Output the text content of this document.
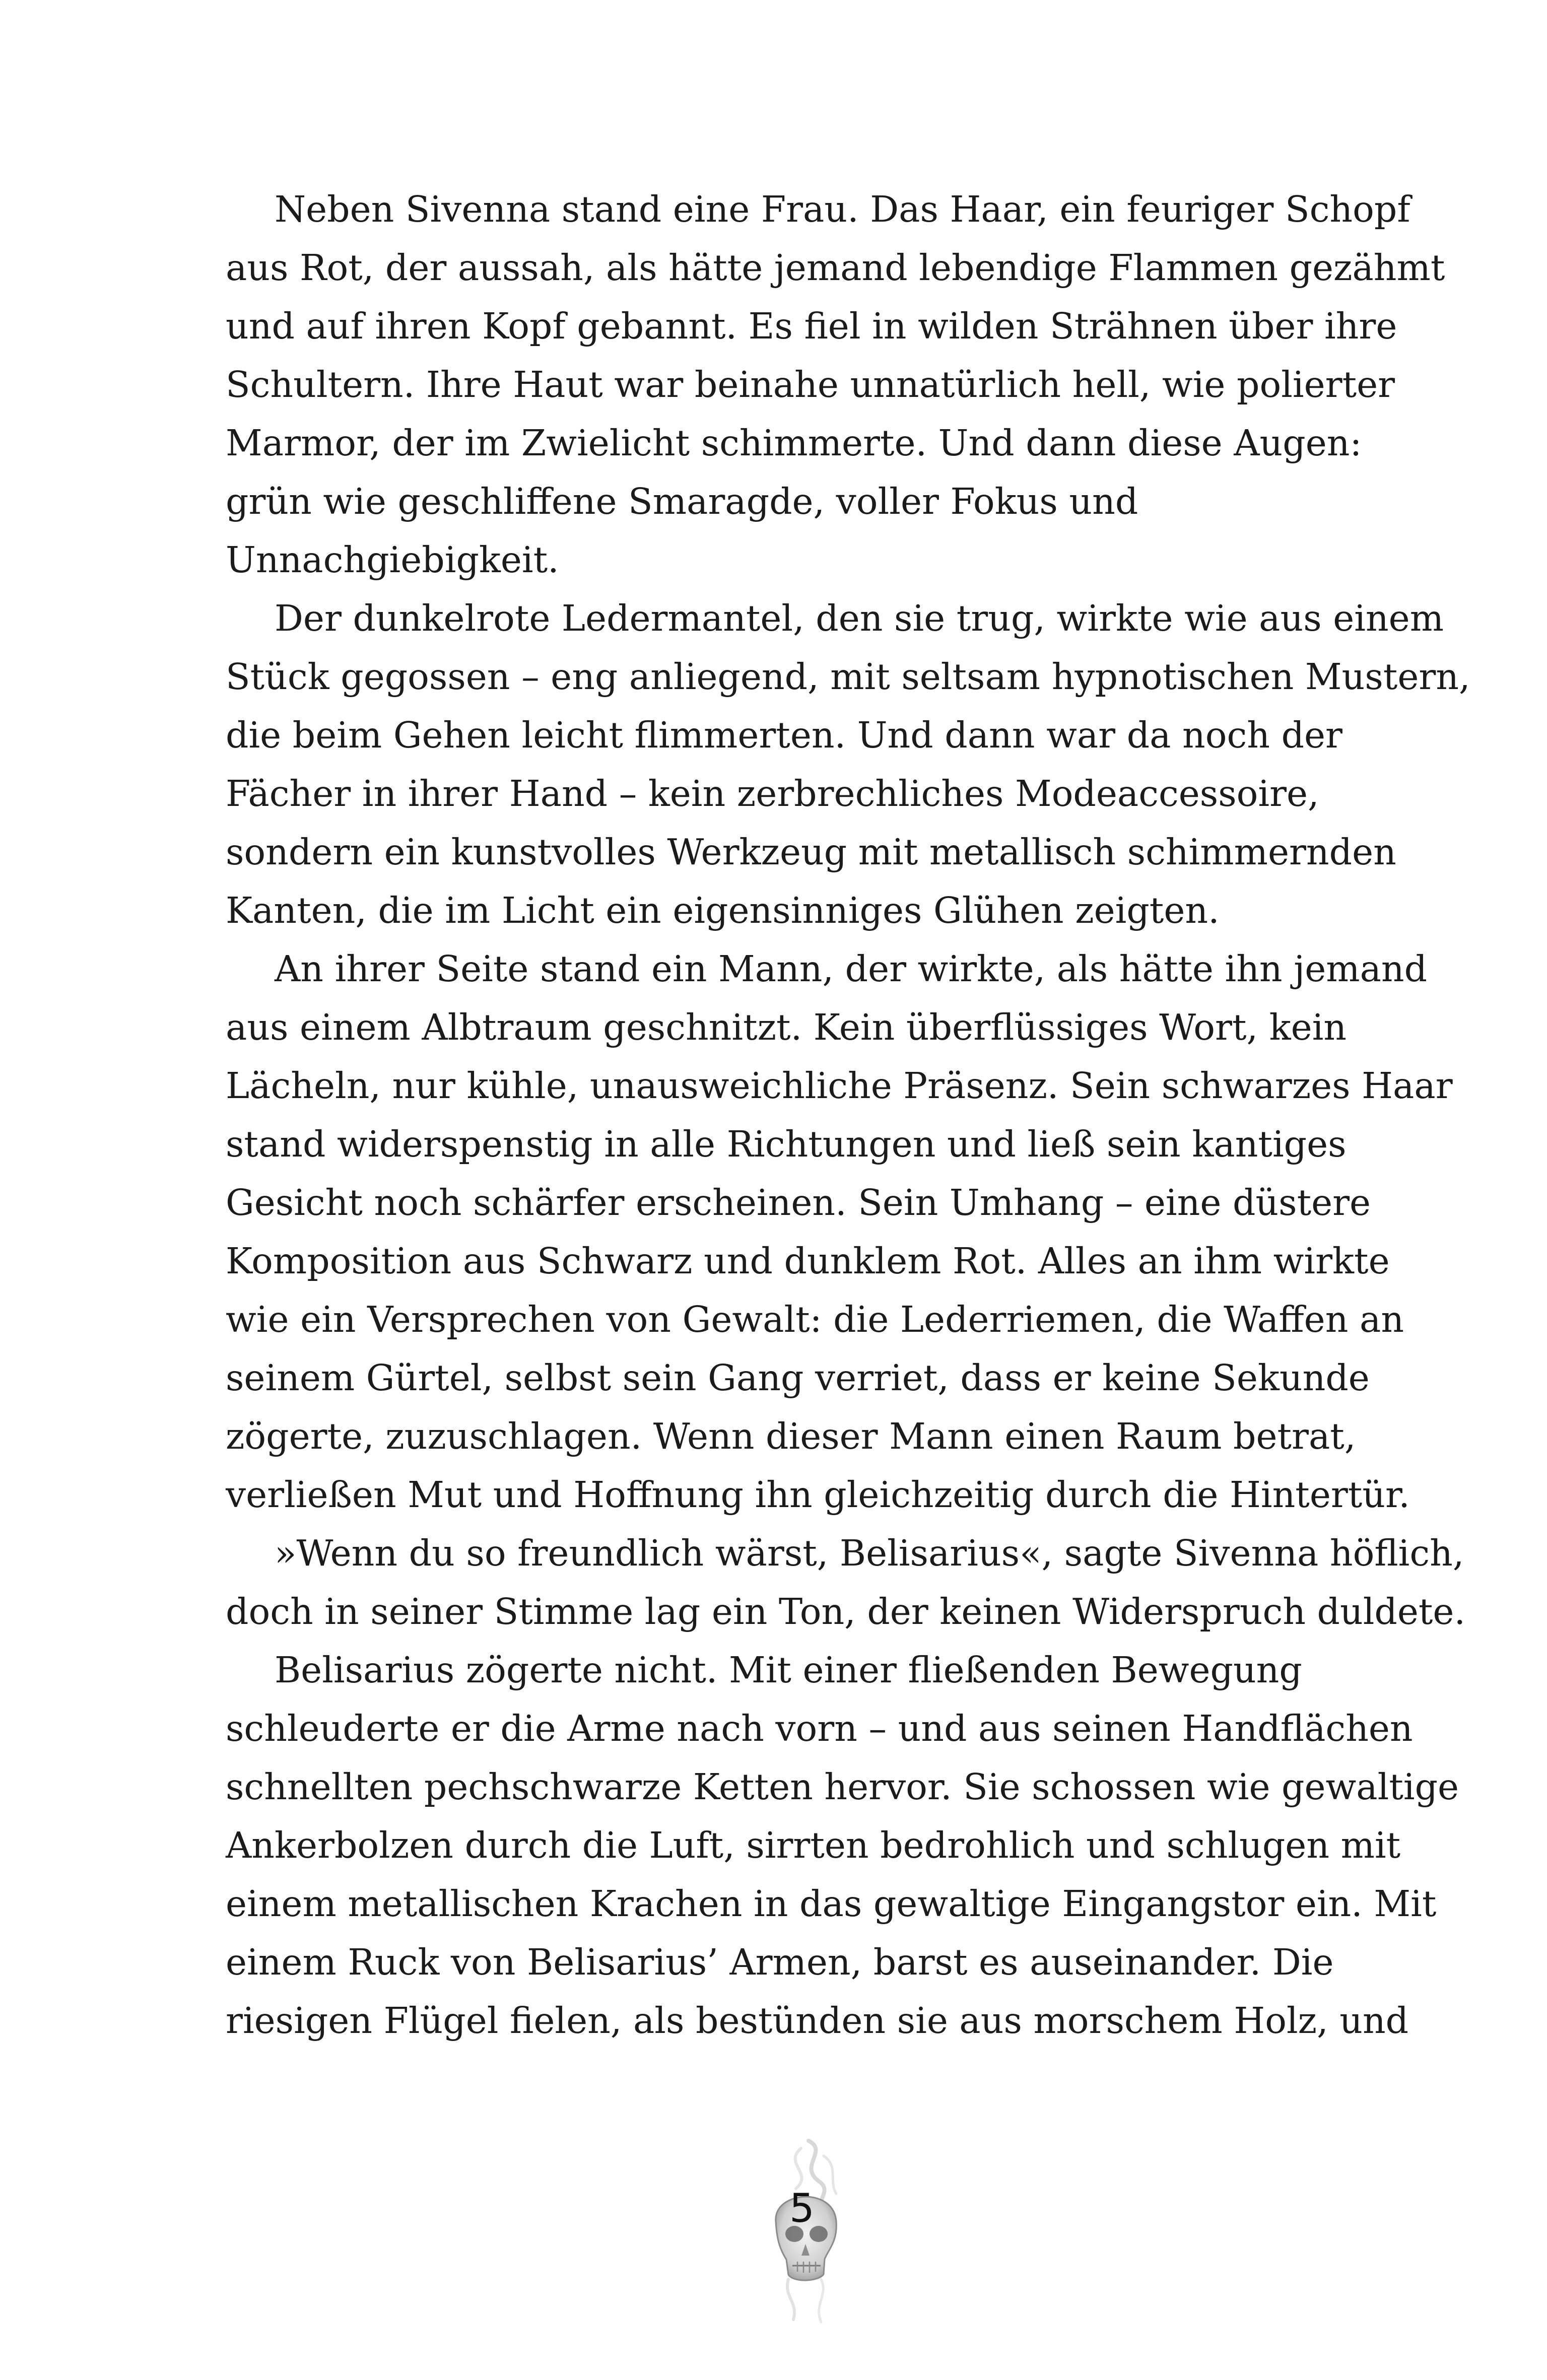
Neben Sivenna stand eine Frau. Das Haar, ein feuriger Schopf
aus Rot, der aussah, als hätte jemand lebendige Flammen gezähmt
und auf ihren Kopf gebannt. Es fiel in wilden Strähnen über ihre
Schultern. Ihre Haut war beinahe unnatürlich hell, wie polierter
Marmor, der im Zwielicht schimmerte. Und dann diese Augen:
grün wie geschliffene Smaragde, voller Fokus und
Unnachgiebigkeit.
Der dunkelrote Ledermantel, den sie trug, wirkte wie aus einem
Stück gegossen – eng anliegend, mit seltsam hypnotischen Mustern,
die beim Gehen leicht flimmerten. Und dann war da noch der
Fächer in ihrer Hand – kein zerbrechliches Modeaccessoire,
sondern ein kunstvolles Werkzeug mit metallisch schimmernden
Kanten, die im Licht ein eigensinniges Glühen zeigten.
An ihrer Seite stand ein Mann, der wirkte, als hätte ihn jemand
aus einem Albtraum geschnitzt. Kein überflüssiges Wort, kein
Lächeln, nur kühle, unausweichliche Präsenz. Sein schwarzes Haar
stand widerspenstig in alle Richtungen und ließ sein kantiges
Gesicht noch schärfer erscheinen. Sein Umhang – eine düstere
Komposition aus Schwarz und dunklem Rot. Alles an ihm wirkte
wie ein Versprechen von Gewalt: die Lederriemen, die Waffen an
seinem Gürtel, selbst sein Gang verriet, dass er keine Sekunde
zögerte, zuzuschlagen. Wenn dieser Mann einen Raum betrat,
verließen Mut und Hoffnung ihn gleichzeitig durch die Hintertür.
»Wenn du so freundlich wärst, Belisarius«, sagte Sivenna höflich,
doch in seiner Stimme lag ein Ton, der keinen Widerspruch duldete.
Belisarius zögerte nicht. Mit einer fließenden Bewegung
schleuderte er die Arme nach vorn – und aus seinen Handflächen
schnellten pechschwarze Ketten hervor. Sie schossen wie gewaltige
Ankerbolzen durch die Luft, sirrten bedrohlich und schlugen mit
einem metallischen Krachen in das gewaltige Eingangstor ein. Mit
einem Ruck von Belisarius’ Armen, barst es auseinander. Die
riesigen Flügel fielen, als bestünden sie aus morschem Holz, und
5
